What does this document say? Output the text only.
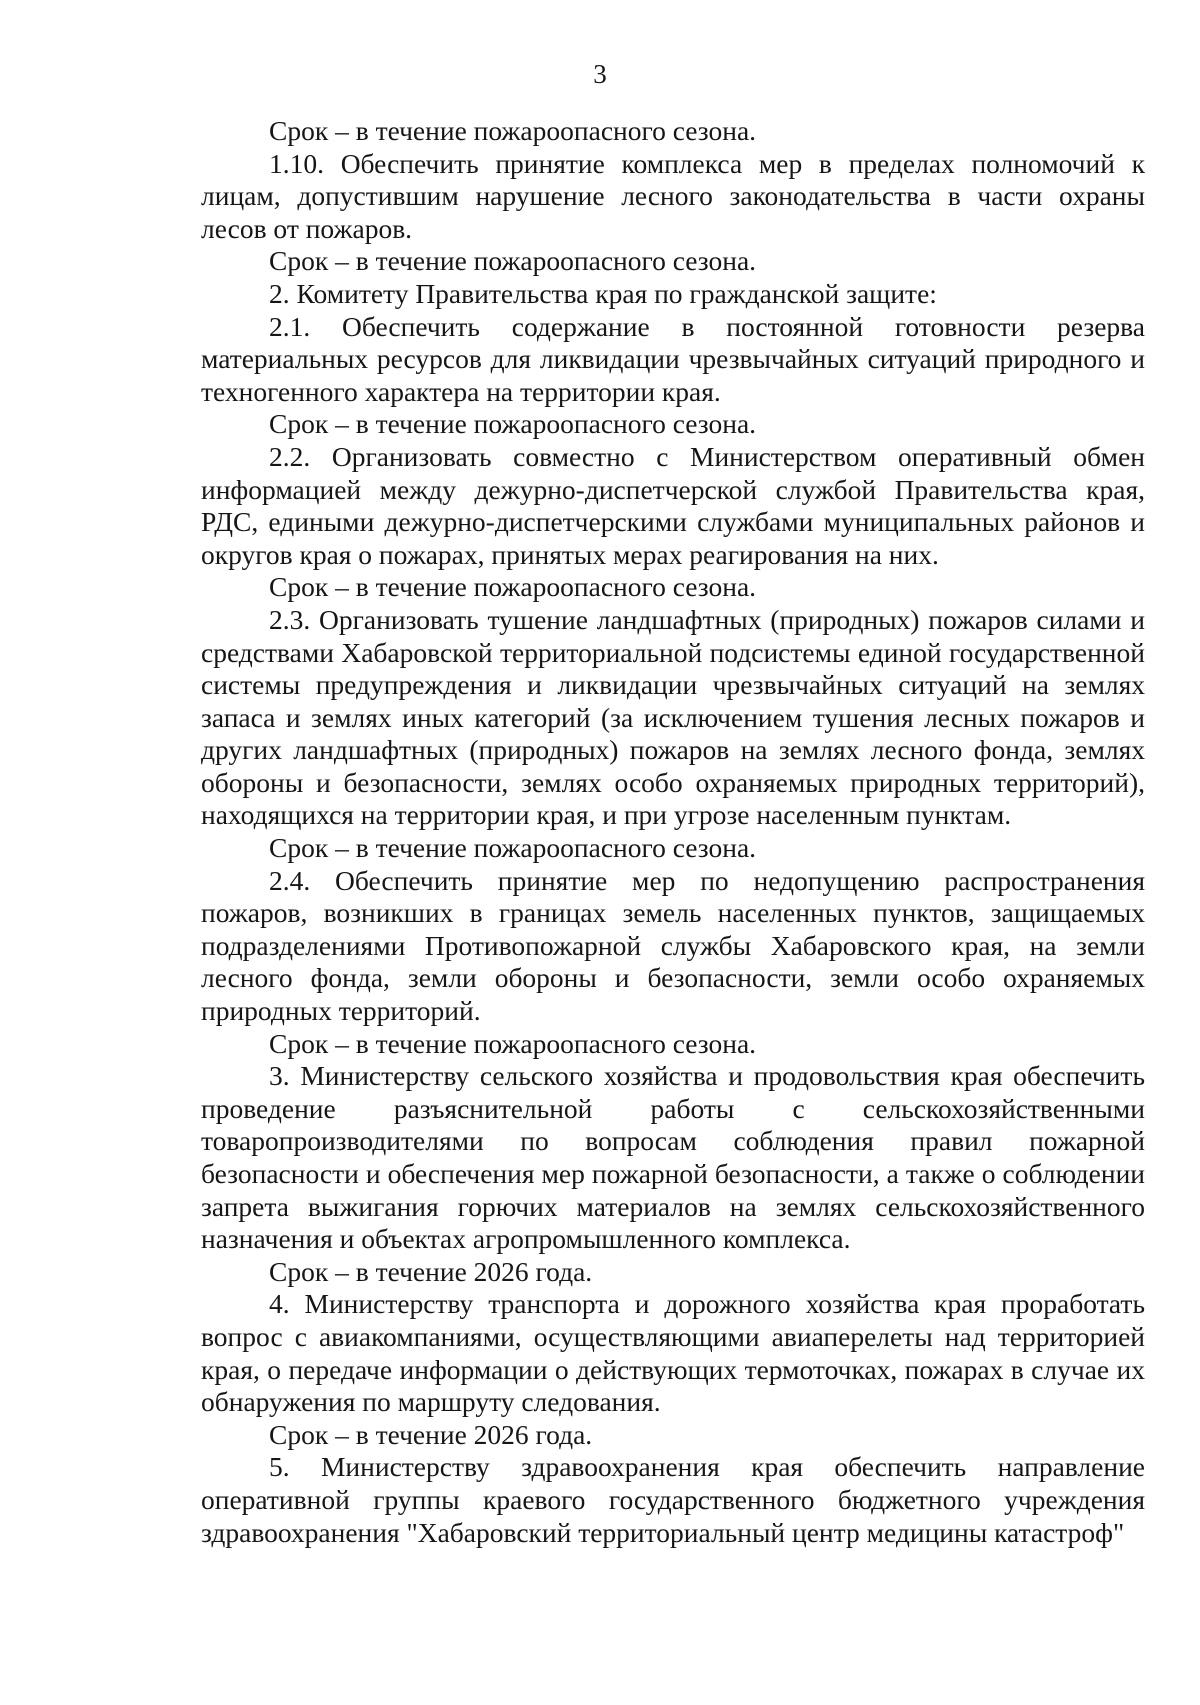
3

Срок – в течение пожароопасного сезона.

1.10. Обеспечить принятие комплекса мер в пределах полномочий к лицам, допустившим нарушение лесного законодательства в части охраны лесов от пожаров.

Срок – в течение пожароопасного сезона.

2. Комитету Правительства края по гражданской защите:

2.1. Обеспечить содержание в постоянной готовности резерва материальных ресурсов для ликвидации чрезвычайных ситуаций природного и техногенного характера на территории края.

Срок – в течение пожароопасного сезона.

2.2. Организовать совместно с Министерством оперативный обмен информацией между дежурно-диспетчерской службой Правительства края, РДС, едиными дежурно-диспетчерскими службами муниципальных районов и округов края о пожарах, принятых мерах реагирования на них.

Срок – в течение пожароопасного сезона.

2.3. Организовать тушение ландшафтных (природных) пожаров силами и средствами Хабаровской территориальной подсистемы единой государственной системы предупреждения и ликвидации чрезвычайных ситуаций на землях запаса и землях иных категорий (за исключением тушения лесных пожаров и других ландшафтных (природных) пожаров на землях лесного фонда, землях обороны и безопасности, землях особо охраняемых природных территорий), находящихся на территории края, и при угрозе населенным пунктам.

Срок – в течение пожароопасного сезона.

2.4. Обеспечить принятие мер по недопущению распространения пожаров, возникших в границах земель населенных пунктов, защищаемых подразделениями Противопожарной службы Хабаровского края, на земли лесного фонда, земли обороны и безопасности, земли особо охраняемых природных территорий.

Срок – в течение пожароопасного сезона.

3. Министерству сельского хозяйства и продовольствия края обеспечить проведение разъяснительной работы с сельскохозяйственными товаропроизводителями по вопросам соблюдения правил пожарной безопасности и обеспечения мер пожарной безопасности, а также о соблюдении запрета выжигания горючих материалов на землях сельскохозяйственного назначения и объектах агропромышленного комплекса.

Срок – в течение 2026 года.

4. Министерству транспорта и дорожного хозяйства края проработать вопрос с авиакомпаниями, осуществляющими авиаперелеты над территорией края, о передаче информации о действующих термоточках, пожарах в случае их обнаружения по маршруту следования.

Срок – в течение 2026 года.

5. Министерству здравоохранения края обеспечить направление оперативной группы краевого государственного бюджетного учреждения здравоохранения "Хабаровский территориальный центр медицины катастроф"
